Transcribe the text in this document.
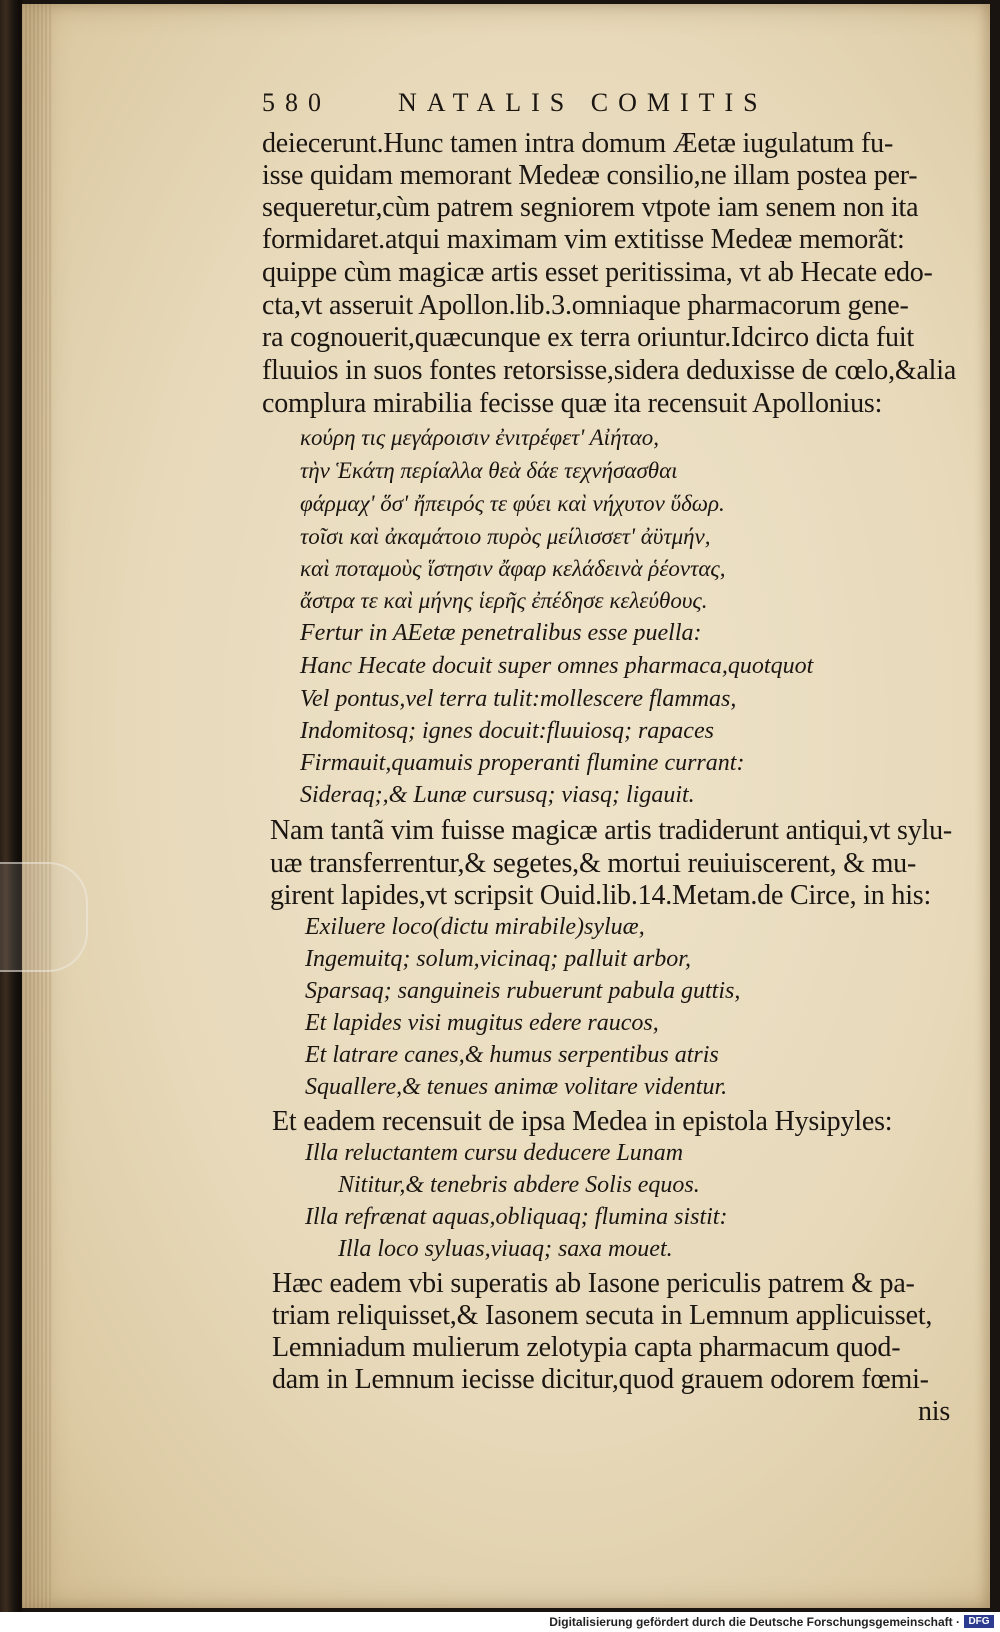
580	NATALIS COMITIS
deiecerunt.Hunc tamen intra domum Æetæ iugulatum fu-
isse quidam memorant Medeæ consilio,ne illam postea per-
sequeretur,cùm patrem segniorem vtpote iam senem non ita
formidaret.atqui maximam vim extitisse Medeæ memorãt:
quippe cùm magicæ artis esset peritissima, vt ab Hecate edo-
cta,vt asseruit Apollon.lib.3.omniaque pharmacorum gene-
ra cognouerit,quæcunque ex terra oriuntur.Idcirco dicta fuit
fluuios in suos fontes retorsisse,sidera deduxisse de cœlo,&alia
complura mirabilia fecisse quæ ita recensuit Apollonius:
κούρη τις μεγάροισιν ἐνιτρέφετ' Αἰήταο,
τὴν Ἑκάτη περίαλλα θεὰ δάε τεχνήσασθαι
φάρμαχ' ὅσ' ἤπειρός τε φύει καὶ νήχυτον ὕδωρ.
τοῖσι καὶ ἀκαμάτοιο πυρὸς μείλισσετ' ἀϋτμήν,
καὶ ποταμοὺς ἵστησιν ἄφαρ κελάδεινὰ ῥέοντας,
ἄστρα τε καὶ μήνης ἱερῆς ἐπέδησε κελεύθους.
Fertur in AEetæ penetralibus esse puella:
Hanc Hecate docuit super omnes pharmaca,quotquot
Vel pontus,vel terra tulit:mollescere flammas,
Indomitosq; ignes docuit:fluuiosq; rapaces
Firmauit,quamuis properanti flumine currant:
Sideraq;,& Lunæ cursusq; viasq; ligauit.
Nam tantã vim fuisse magicæ artis tradiderunt antiqui,vt sylu-
uæ transferrentur,& segetes,& mortui reuiuiscerent, & mu-
girent lapides,vt scripsit Ouid.lib.14.Metam.de Circe, in his:
Exiluere loco(dictu mirabile)syluæ,
Ingemuitq; solum,vicinaq; palluit arbor,
Sparsaq; sanguineis rubuerunt pabula guttis,
Et lapides visi mugitus edere raucos,
Et latrare canes,& humus serpentibus atris
Squallere,& tenues animæ volitare videntur.
Et eadem recensuit de ipsa Medea in epistola Hysipyles:
Illa reluctantem cursu deducere Lunam
Nititur,& tenebris abdere Solis equos.
Illa refrænat aquas,obliquaq; flumina sistit:
Illa loco syluas,viuaq; saxa mouet.
Hæc eadem vbi superatis ab Iasone periculis patrem & pa-
triam reliquisset,& Iasonem secuta in Lemnum applicuisset,
Lemniadum mulierum zelotypia capta pharmacum quod-
dam in Lemnum iecisse dicitur,quod grauem odorem fœmi-
nis
Digitalisierung gefördert durch die Deutsche Forschungsgemeinschaft · DFG
